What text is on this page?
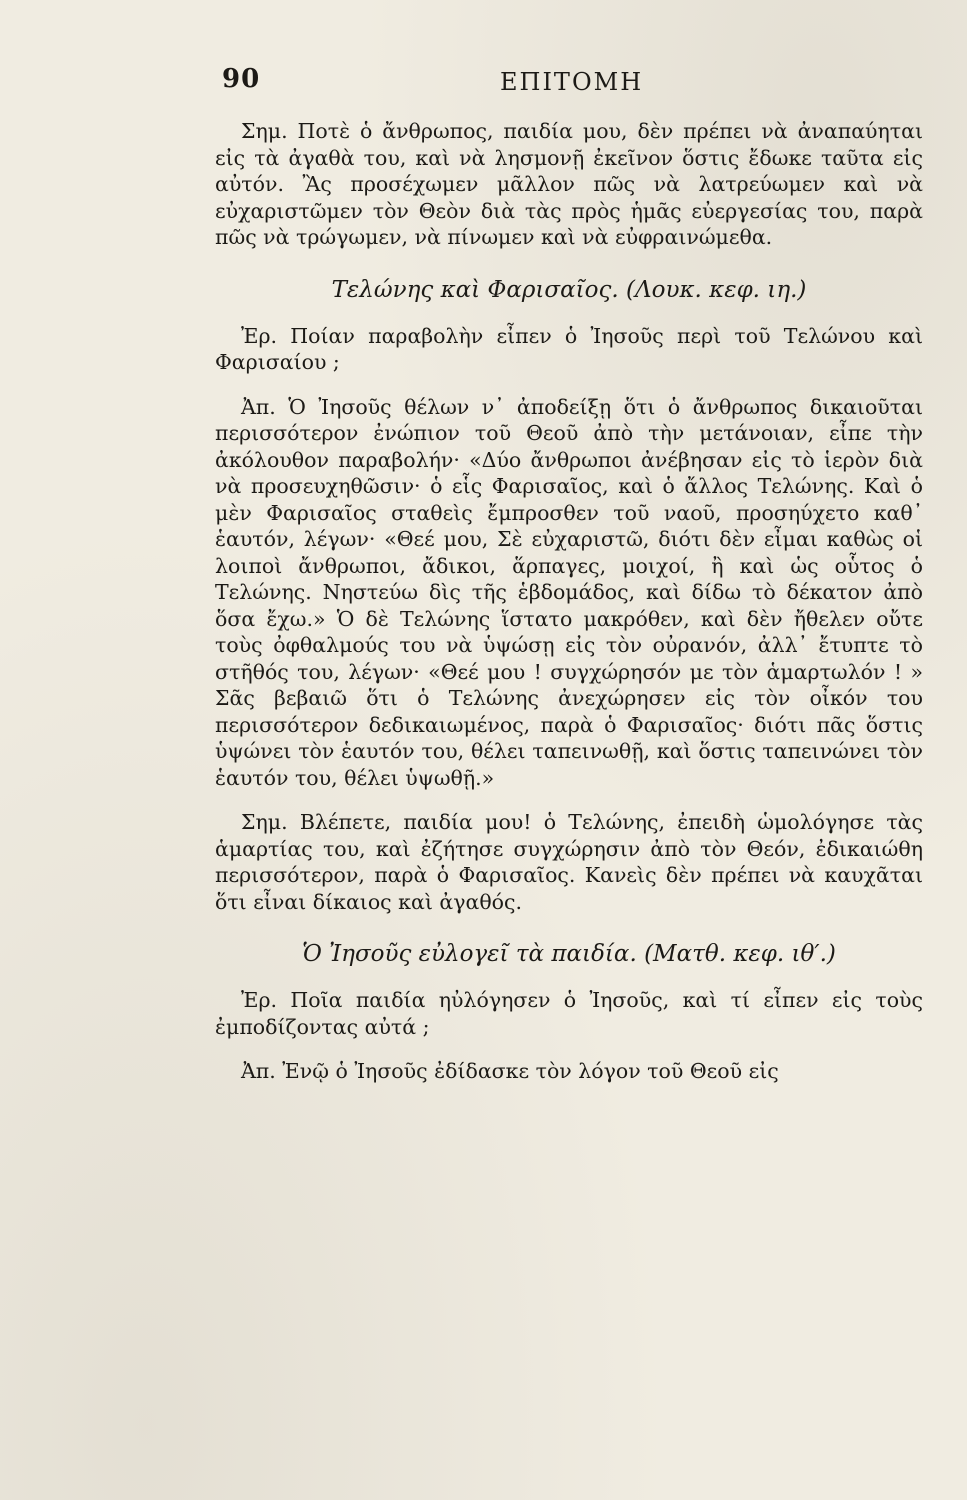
90	ΕΠΙΤΟΜΗ

Σημ. Ποτὲ ὁ ἄνθρωπος, παιδία μου, δὲν πρέπει νὰ ἀναπαύηται εἰς τὰ ἀγαθὰ του, καὶ νὰ λησμονῇ ἐκεῖνον ὅστις ἔδωκε ταῦτα εἰς αὐτόν. Ἂς προσέχωμεν μᾶλλον πῶς νὰ λατρεύωμεν καὶ νὰ εὐχαριστῶμεν τὸν Θεὸν διὰ τὰς πρὸς ἡμᾶς εὐεργεσίας του, παρὰ πῶς νὰ τρώγωμεν, νὰ πίνωμεν καὶ νὰ εὐφραινώμεθα.

Τελώνης καὶ Φαρισαῖος. (Λουκ. κεφ. ιη.)

Ἐρ. Ποίαν παραβολὴν εἶπεν ὁ Ἰησοῦς περὶ τοῦ Τελώνου καὶ Φαρισαίου ;

Ἀπ. Ὁ Ἰησοῦς θέλων ν᾽ ἀποδείξῃ ὅτι ὁ ἄνθρωπος δικαιοῦται περισσότερον ἐνώπιον τοῦ Θεοῦ ἀπὸ τὴν μετάνοιαν, εἶπε τὴν ἀκόλουθον παραβολήν· «Δύο ἄνθρωποι ἀνέβησαν εἰς τὸ ἱερὸν διὰ νὰ προσευχηθῶσιν· ὁ εἷς Φαρισαῖος, καὶ ὁ ἄλλος Τελώνης. Καὶ ὁ μὲν Φαρισαῖος σταθεὶς ἔμπροσθεν τοῦ ναοῦ, προσηύχετο καθ᾽ ἑαυτόν, λέγων· «Θεέ μου, Σὲ εὐχαριστῶ, διότι δὲν εἶμαι καθὼς οἱ λοιποὶ ἄνθρωποι, ἄδικοι, ἅρπαγες, μοιχοί, ἢ καὶ ὡς οὗτος ὁ Τελώνης. Νηστεύω δὶς τῆς ἑβδομάδος, καὶ δίδω τὸ δέκατον ἀπὸ ὅσα ἔχω.» Ὁ δὲ Τελώνης ἵστατο μακρόθεν, καὶ δὲν ἤθελεν οὔτε τοὺς ὀφθαλμούς του νὰ ὑψώσῃ εἰς τὸν οὐρανόν, ἀλλ᾽ ἔτυπτε τὸ στῆθός του, λέγων· «Θεέ μου ! συγχώρησόν με τὸν ἁμαρτωλόν ! » Σᾶς βεβαιῶ ὅτι ὁ Τελώνης ἀνεχώρησεν εἰς τὸν οἶκόν του περισσότερον δεδικαιωμένος, παρὰ ὁ Φαρισαῖος· διότι πᾶς ὅστις ὑψώνει τὸν ἑαυτόν του, θέλει ταπεινωθῇ, καὶ ὅστις ταπεινώνει τὸν ἑαυτόν του, θέλει ὑψωθῇ.»

Σημ. Βλέπετε, παιδία μου! ὁ Τελώνης, ἐπειδὴ ὡμολόγησε τὰς ἁμαρτίας του, καὶ ἐζήτησε συγχώρησιν ἀπὸ τὸν Θεόν, ἐδικαιώθη περισσότερον, παρὰ ὁ Φαρισαῖος. Κανεὶς δὲν πρέπει νὰ καυχᾶται ὅτι εἶναι δίκαιος καὶ ἀγαθός.

Ὁ Ἰησοῦς εὐλογεῖ τὰ παιδία. (Ματθ. κεφ. ιθ′.)

Ἐρ. Ποῖα παιδία ηὐλόγησεν ὁ Ἰησοῦς, καὶ τί εἶπεν εἰς τοὺς ἐμποδίζοντας αὐτά ;

Ἀπ. Ἐνῷ ὁ Ἰησοῦς ἐδίδασκε τὸν λόγον τοῦ Θεοῦ εἰς
